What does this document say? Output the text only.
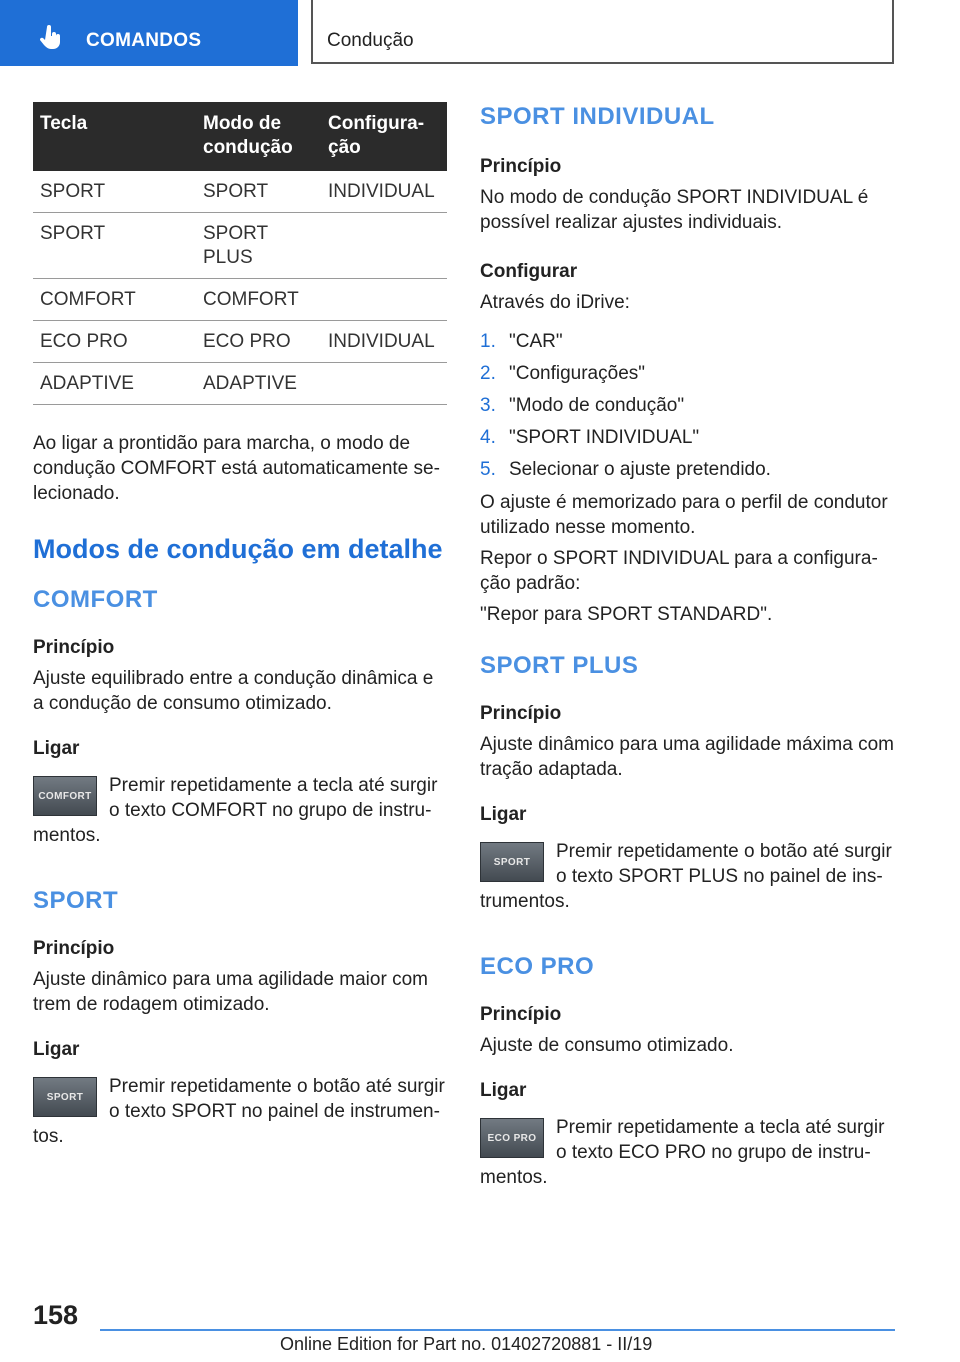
COMANDOS	Condução
Tecla	Modo de condução	Configura-ção
SPORT	SPORT	INDIVIDUAL
SPORT	SPORT PLUS	
COMFORT	COMFORT	
ECO PRO	ECO PRO	INDIVIDUAL
ADAPTIVE	ADAPTIVE	

Ao ligar a prontidão para marcha, o modo de condução COMFORT está automaticamente se-lecionado.

Modos de condução em detalhe
COMFORT
Princípio

Ajuste equilibrado entre a condução dinâmica e a condução de consumo otimizado.

Ligar
COMFORT Premir repetidamente a tecla até surgir o texto COMFORT no grupo de instru-mentos.

SPORT
Princípio

Ajuste dinâmico para uma agilidade maior com trem de rodagem otimizado.

Ligar
SPORT	Premir repetidamente o botão até surgir o texto SPORT no painel de instrumen-tos.

SPORT INDIVIDUAL
Princípio

No modo de condução SPORT INDIVIDUAL é possível realizar ajustes individuais.

Configurar

Através do iDrive:

1. "CAR"
2. "Configurações"
3. "Modo de condução"
4. "SPORT INDIVIDUAL"
5. Selecionar o ajuste pretendido.

O ajuste é memorizado para o perfil de condutor utilizado nesse momento.

Repor o SPORT INDIVIDUAL para a configura-ção padrão:

"Repor para SPORT STANDARD".

SPORT PLUS
Princípio

Ajuste dinâmico para uma agilidade máxima com tração adaptada.

Ligar
SPORT	Premir repetidamente o botão até surgir o texto SPORT PLUS no painel de ins-trumentos.

ECO PRO
Princípio

Ajuste de consumo otimizado.

Ligar
ECO PRO	Premir repetidamente a tecla até surgir o texto ECO PRO no grupo de instru-mentos.

158
Online Edition for Part no. 01402720881 - II/19
